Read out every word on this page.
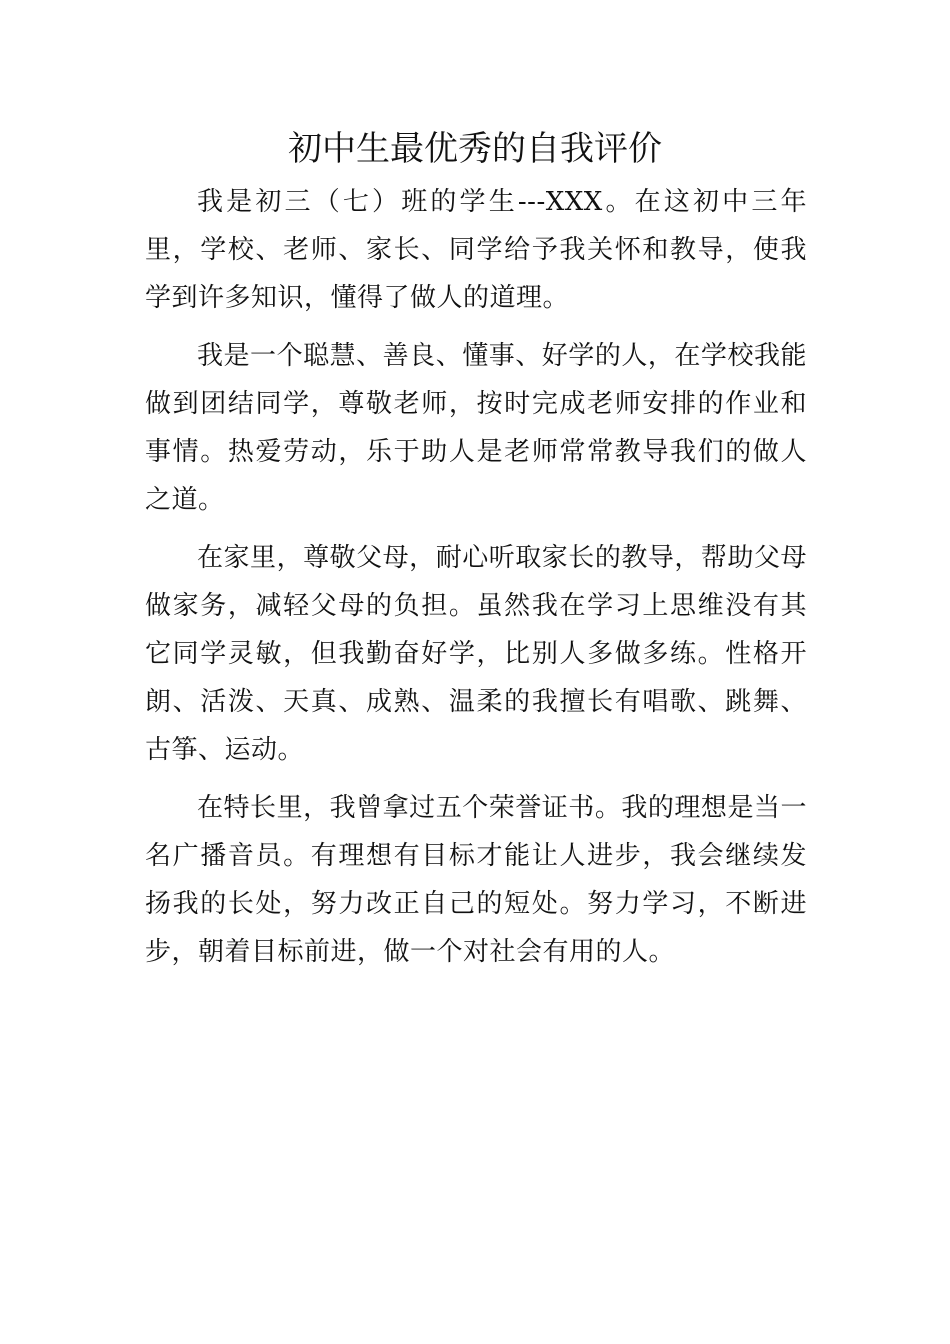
初中生最优秀的自我评价

我是初三（七）班的学生---XXX。在这初中三年里，学校、老师、家长、同学给予我关怀和教导，使我学到许多知识，懂得了做人的道理。

我是一个聪慧、善良、懂事、好学的人，在学校我能做到团结同学，尊敬老师，按时完成老师安排的作业和事情。热爱劳动，乐于助人是老师常常教导我们的做人之道。

在家里，尊敬父母，耐心听取家长的教导，帮助父母做家务，减轻父母的负担。虽然我在学习上思维没有其它同学灵敏，但我勤奋好学，比别人多做多练。性格开朗、活泼、天真、成熟、温柔的我擅长有唱歌、跳舞、古筝、运动。

在特长里，我曾拿过五个荣誉证书。我的理想是当一名广播音员。有理想有目标才能让人进步，我会继续发扬我的长处，努力改正自己的短处。努力学习，不断进步，朝着目标前进，做一个对社会有用的人。
